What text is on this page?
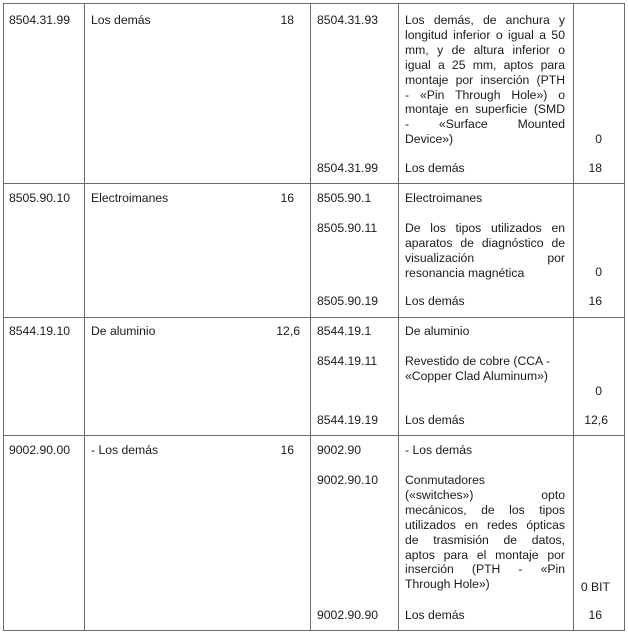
8504.31.99 Los demás	18 8504.31.93 Los demás, de anchura y
longitud inferior o igual a 50
mm, y de altura inferior o
igual a 25 mm, aptos para
montaje por inserción (PTH
- «Pin Through Hole») o
montaje en superficie (SMD
- «Surface Mounted
Device»)	0
8504.31.99 Los demás	18
8505.90.10 Electroimanes	16 8505.90.1	Electroimanes
8505.90.11 De los tipos utilizados en
aparatos de diagnóstico de
visualización por
resonancia magnética	0
8505.90.19 Los demás	16
8544.19.10 De aluminio	12,6 8544.19.1	De aluminio
8544.19.11 Revestido de cobre (CCA -
«Copper Clad Aluminum»)
0
8544.19.19 Los demás	12,6
9002.90.00 - Los demás	16 9002.90	- Los demás
9002.90.10 Conmutadores
(«switches») opto
mecánicos, de los tipos
utilizados en redes ópticas
de trasmisión de datos,
aptos para el montaje por
inserción (PTH - «Pin
Through Hole»)	0 BIT
9002.90.90 Los demás	16
